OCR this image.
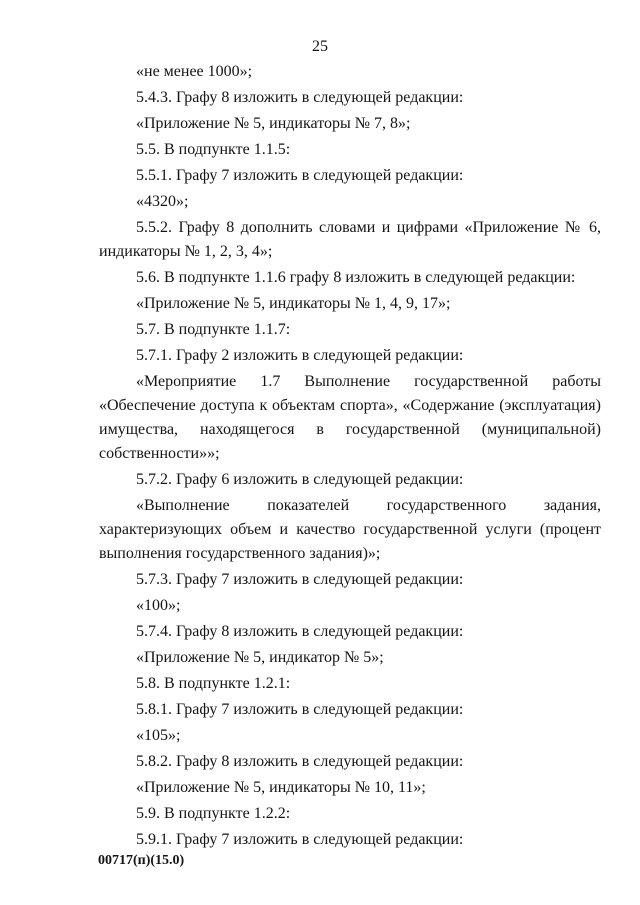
25

«не менее 1000»;

5.4.3. Графу 8 изложить в следующей редакции:

«Приложение № 5, индикаторы № 7, 8»;

5.5. В подпункте 1.1.5:

5.5.1. Графу 7 изложить в следующей редакции:

«4320»;

5.5.2. Графу 8 дополнить словами и цифрами «Приложение № 6, индикаторы № 1, 2, 3, 4»;

5.6. В подпункте 1.1.6 графу 8 изложить в следующей редакции:

«Приложение № 5, индикаторы № 1, 4, 9, 17»;

5.7. В подпункте 1.1.7:

5.7.1. Графу 2 изложить в следующей редакции:

«Мероприятие 1.7 Выполнение государственной работы «Обеспечение доступа к объектам спорта», «Содержание (эксплуатация) имущества, находящегося в государственной (муниципальной) собственности»»;

5.7.2. Графу 6 изложить в следующей редакции:

«Выполнение показателей государственного задания, характеризующих объем и качество государственной услуги (процент выполнения государственного задания)»;

5.7.3. Графу 7 изложить в следующей редакции:

«100»;

5.7.4. Графу 8 изложить в следующей редакции:

«Приложение № 5, индикатор № 5»;

5.8. В подпункте 1.2.1:

5.8.1. Графу 7 изложить в следующей редакции:

«105»;

5.8.2. Графу 8 изложить в следующей редакции:

«Приложение № 5, индикаторы № 10, 11»;

5.9. В подпункте 1.2.2:

5.9.1. Графу 7 изложить в следующей редакции:

00717(п)(15.0)
